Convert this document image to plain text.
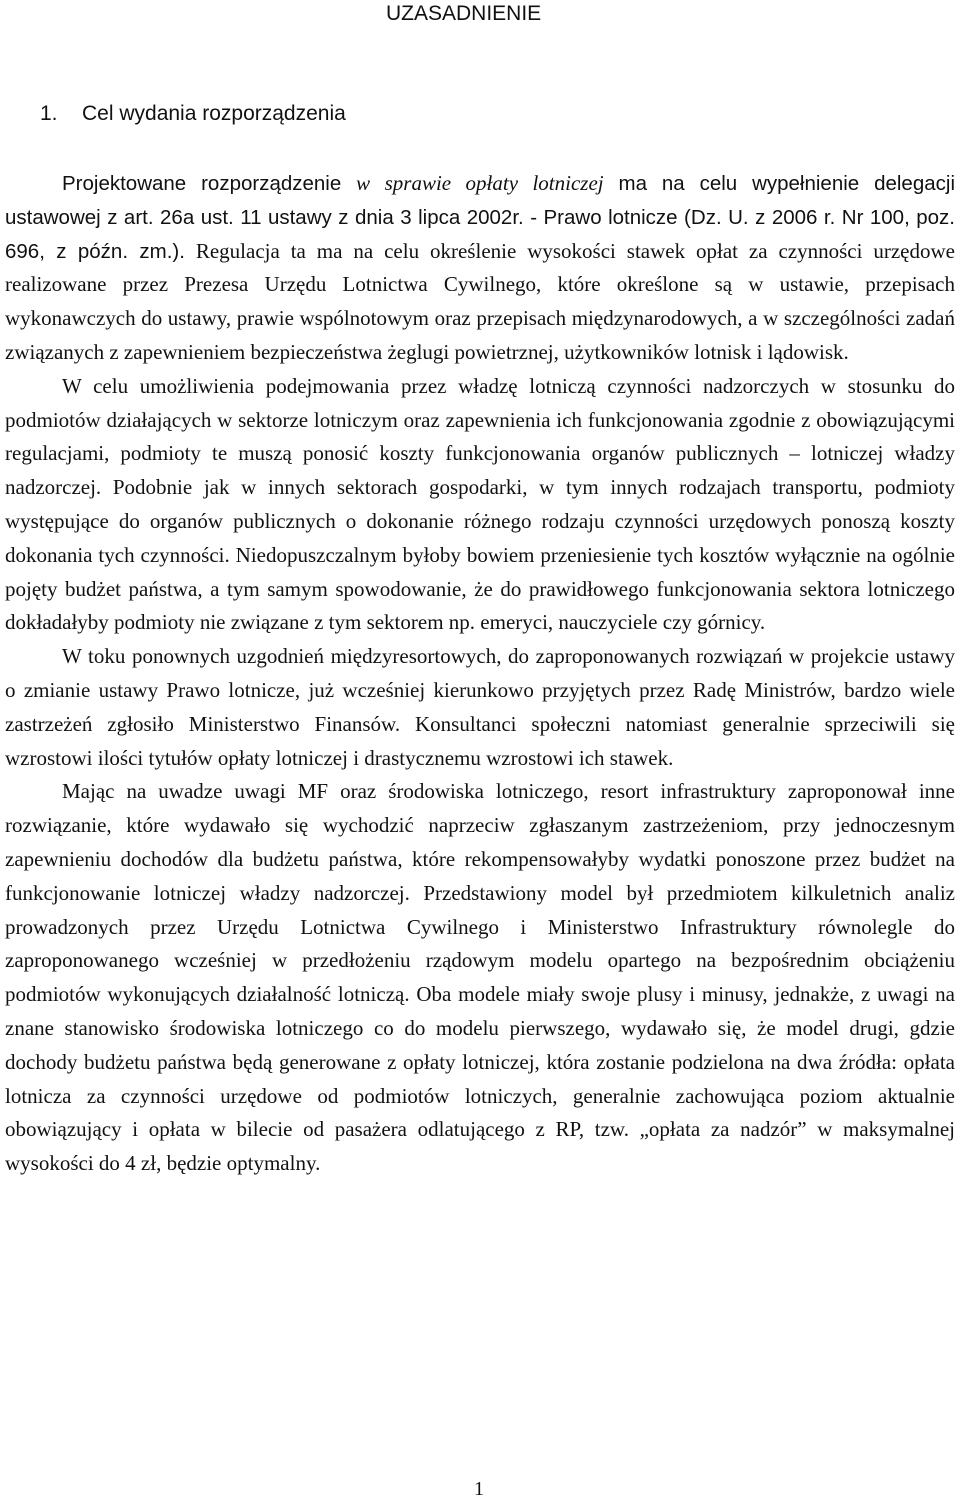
UZASADNIENIE
1. Cel wydania rozporządzenia

Projektowane rozporządzenie w sprawie opłaty lotniczej ma na celu wypełnienie delegacji ustawowej z art. 26a ust. 11 ustawy z dnia 3 lipca 2002r. - Prawo lotnicze (Dz. U. z 2006 r. Nr 100, poz. 696, z późn. zm.). Regulacja ta ma na celu określenie wysokości stawek opłat za czynności urzędowe realizowane przez Prezesa Urzędu Lotnictwa Cywilnego, które określone są w ustawie, przepisach wykonawczych do ustawy, prawie wspólnotowym oraz przepisach międzynarodowych, a w szczególności zadań związanych z zapewnieniem bezpieczeństwa żeglugi powietrznej, użytkowników lotnisk i lądowisk.

W celu umożliwienia podejmowania przez władzę lotniczą czynności nadzorczych w stosunku do podmiotów działających w sektorze lotniczym oraz zapewnienia ich funkcjonowania zgodnie z obowiązującymi regulacjami, podmioty te muszą ponosić koszty funkcjonowania organów publicznych – lotniczej władzy nadzorczej. Podobnie jak w innych sektorach gospodarki, w tym innych rodzajach transportu, podmioty występujące do organów publicznych o dokonanie różnego rodzaju czynności urzędowych ponoszą koszty dokonania tych czynności. Niedopuszczalnym byłoby bowiem przeniesienie tych kosztów wyłącznie na ogólnie pojęty budżet państwa, a tym samym spowodowanie, że do prawidłowego funkcjonowania sektora lotniczego dokładałyby podmioty nie związane z tym sektorem np. emeryci, nauczyciele czy górnicy.

W toku ponownych uzgodnień międzyresortowych, do zaproponowanych rozwiązań w projekcie ustawy o zmianie ustawy Prawo lotnicze, już wcześniej kierunkowo przyjętych przez Radę Ministrów, bardzo wiele zastrzeżeń zgłosiło Ministerstwo Finansów. Konsultanci społeczni natomiast generalnie sprzeciwili się wzrostowi ilości tytułów opłaty lotniczej i drastycznemu wzrostowi ich stawek.

Mając na uwadze uwagi MF oraz środowiska lotniczego, resort infrastruktury zaproponował inne rozwiązanie, które wydawało się wychodzić naprzeciw zgłaszanym zastrzeżeniom, przy jednoczesnym zapewnieniu dochodów dla budżetu państwa, które rekompensowałyby wydatki ponoszone przez budżet na funkcjonowanie lotniczej władzy nadzorczej. Przedstawiony model był przedmiotem kilkuletnich analiz prowadzonych przez Urzędu Lotnictwa Cywilnego i Ministerstwo Infrastruktury równolegle do zaproponowanego wcześniej w przedłożeniu rządowym modelu opartego na bezpośrednim obciążeniu podmiotów wykonujących działalność lotniczą. Oba modele miały swoje plusy i minusy, jednakże, z uwagi na znane stanowisko środowiska lotniczego co do modelu pierwszego, wydawało się, że model drugi, gdzie dochody budżetu państwa będą generowane z opłaty lotniczej, która zostanie podzielona na dwa źródła: opłata lotnicza za czynności urzędowe od podmiotów lotniczych, generalnie zachowująca poziom aktualnie obowiązujący i opłata w bilecie od pasażera odlatującego z RP, tzw. „opłata za nadzór” w maksymalnej wysokości do 4 zł, będzie optymalny.

1
